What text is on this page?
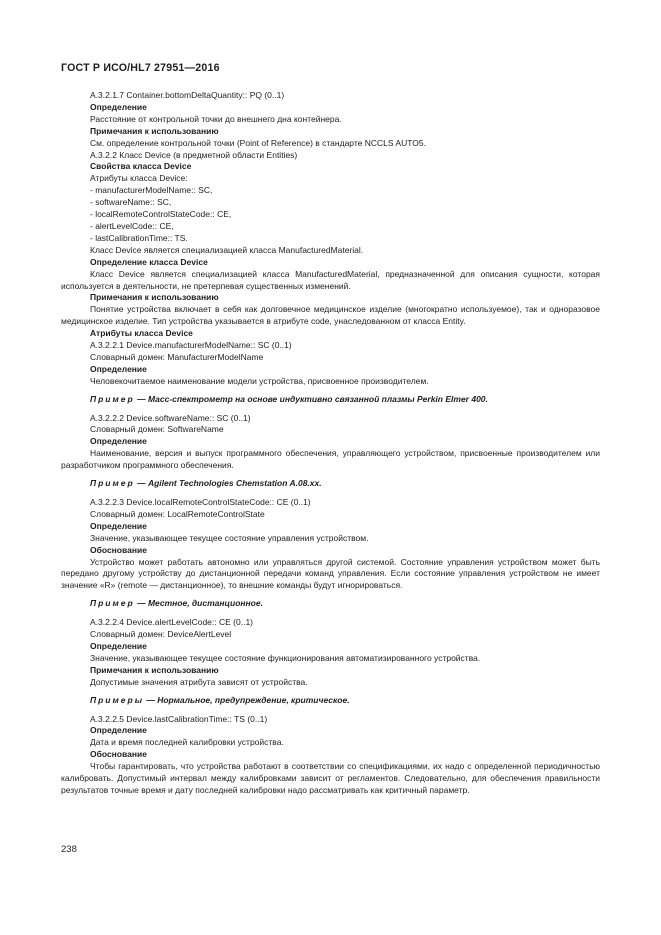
ГОСТ Р ИСО/HL7 27951—2016

A.3.2.1.7 Container.bottomDeltaQuantity:: PQ (0..1)

Определение

Расстояние от контрольной точки до внешнего дна контейнера.

Примечания к использованию

См. определение контрольной точки (Point of Reference) в стандарте NCCLS AUTO5.

A.3.2.2 Класс Device (в предметной области Entities)

Свойства класса Device

Атрибуты класса Device:

- manufacturerModelName:: SC,

- softwareName:: SC,

- localRemoteControlStateCode:: CE,

- alertLevelCode:: CE,

- lastCalibrationTime:: TS.

Класс Device является специализацией класса ManufacturedMaterial.

Определение класса Device

Класс Device является специализацией класса ManufacturedMaterial, предназначенной для описания сущности, которая используется в деятельности, не претерпевая существенных изменений.

Примечания к использованию

Понятие устройства включает в себя как долговечное медицинское изделие (многократно используемое), так и одноразовое медицинское изделие. Тип устройства указывается в атрибуте code, унаследованном от класса Entity.

Атрибуты класса Device

A.3.2.2.1 Device.manufacturerModelName:: SC (0..1)

Словарный домен: ManufacturerModelName

Определение

Человекочитаемое наименование модели устройства, присвоенное производителем.

Пример — Масс-спектрометр на основе индуктивно связанной плазмы Perkin Elmer 400.

A.3.2.2.2 Device.softwareName:: SC (0..1)

Словарный домен: SoftwareName

Определение

Наименование, версия и выпуск программного обеспечения, управляющего устройством, присвоенные производителем или разработчиком программного обеспечения.

Пример — Agilent Technologies Chemstation A.08.xx.

A.3.2.2.3 Device.localRemoteControlStateCode:: CE (0..1)

Словарный домен: LocalRemoteControlState

Определение

Значение, указывающее текущее состояние управления устройством.

Обоснование

Устройство может работать автономно или управляться другой системой. Состояние управления устройством может быть передано другому устройству до дистанционной передачи команд управления. Если состояние управления устройством не имеет значение «R» (remote — дистанционное), то внешние команды будут игнорироваться.

Пример — Местное, дистанционное.

A.3.2.2.4 Device.alertLevelCode:: CE (0..1)

Словарный домен: DeviceAlertLevel

Определение

Значение, указывающее текущее состояние функционирования автоматизированного устройства.

Примечания к использованию

Допустимые значения атрибута зависят от устройства.

Примеры — Нормальное, предупреждение, критическое.

A.3.2.2.5 Device.lastCalibrationTime:: TS (0..1)

Определение

Дата и время последней калибровки устройства.

Обоснование

Чтобы гарантировать, что устройства работают в соответствии со спецификациями, их надо с определенной периодичностью калибровать. Допустимый интервал между калибровками зависит от регламентов. Следовательно, для обеспечения правильности результатов точные время и дату последней калибровки надо рассматривать как критичный параметр.

238
